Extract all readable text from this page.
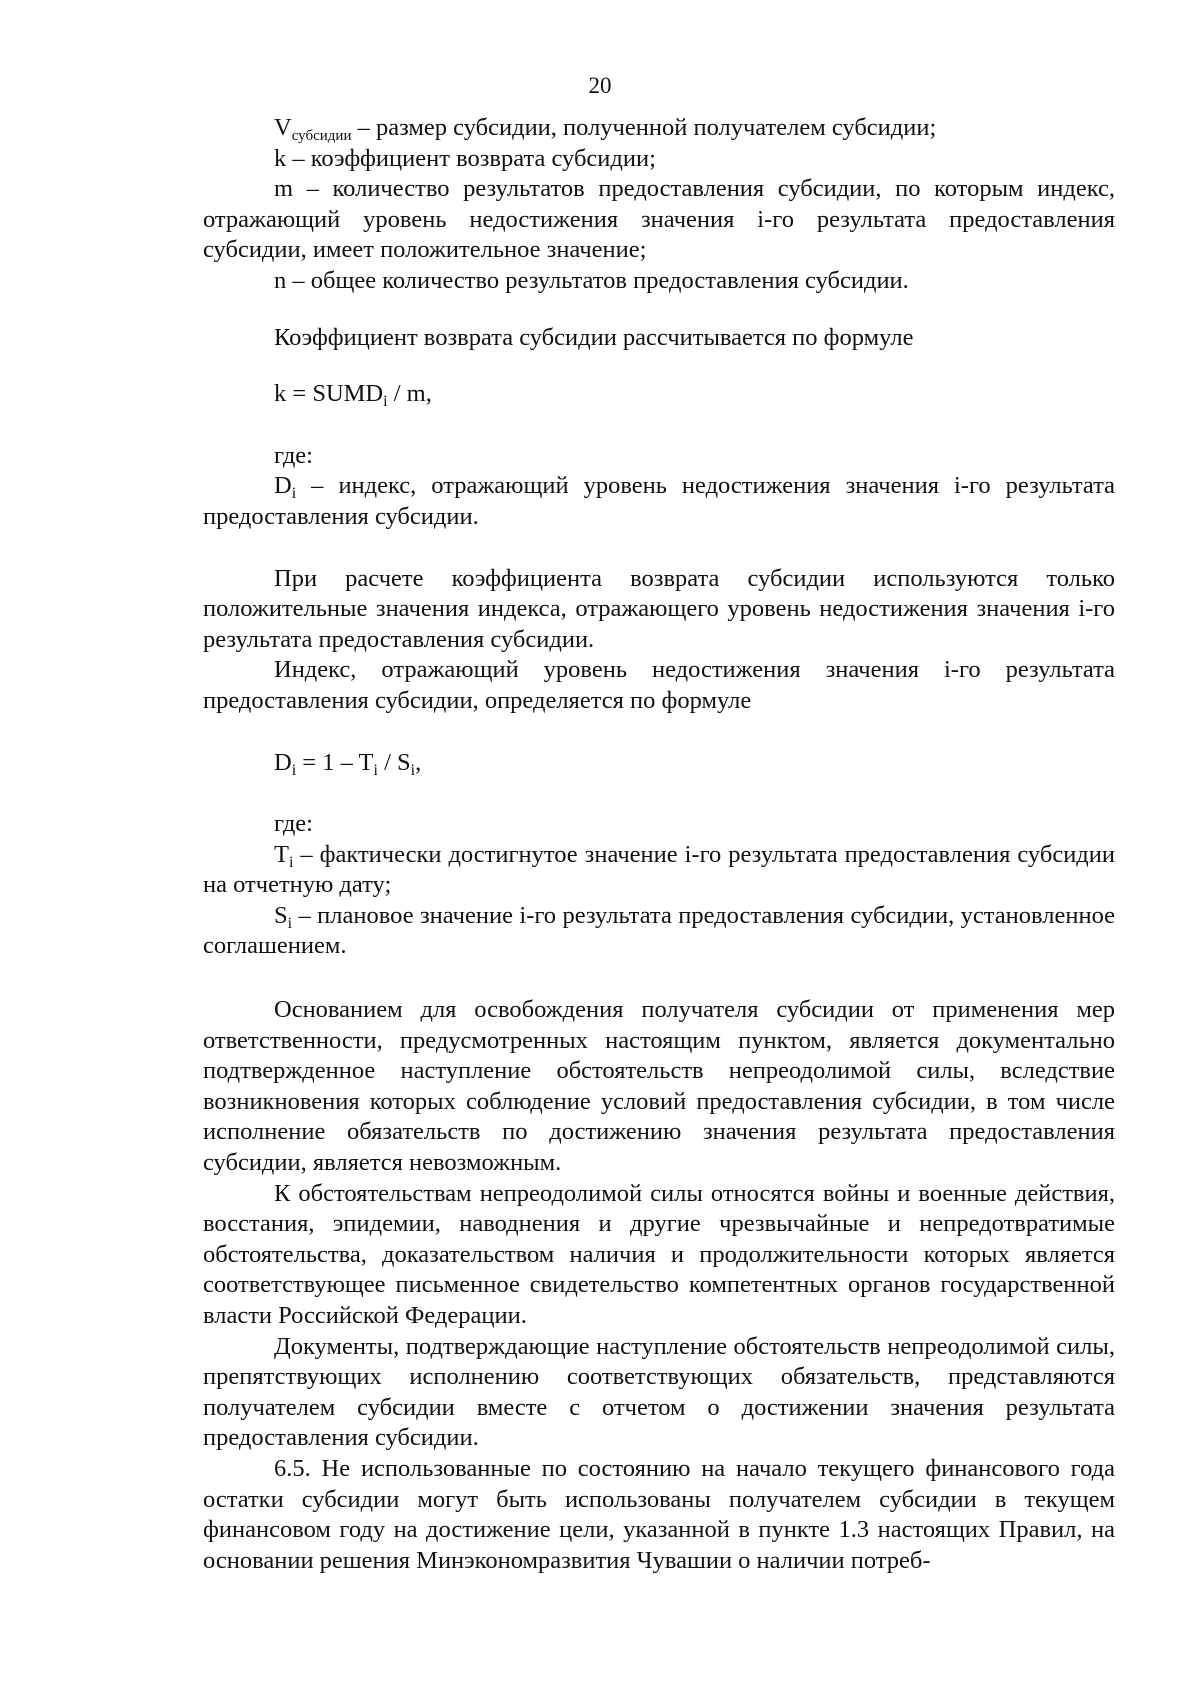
20

$V_{субсидии}$ – размер субсидии, полученной получателем субсидии;

k – коэффициент возврата субсидии;

m – количество результатов предоставления субсидии, по которым индекс, отражающий уровень недостижения значения i-го результата предоставления субсидии, имеет положительное значение;

n – общее количество результатов предоставления субсидии.

Коэффициент возврата субсидии рассчитывается по формуле

$k = SUMD_i / m$,

где:

$D_i$ – индекс, отражающий уровень недостижения значения i-го результата предоставления субсидии.

При расчете коэффициента возврата субсидии используются только положительные значения индекса, отражающего уровень недостижения значения i-го результата предоставления субсидии.

Индекс, отражающий уровень недостижения значения i-го результата предоставления субсидии, определяется по формуле

$D_i = 1 - T_i / S_i$,

где:

$T_i$ – фактически достигнутое значение i-го результата предоставления субсидии на отчетную дату;

$S_i$ – плановое значение i-го результата предоставления субсидии, установленное соглашением.

Основанием для освобождения получателя субсидии от применения мер ответственности, предусмотренных настоящим пунктом, является документально подтвержденное наступление обстоятельств непреодолимой силы, вследствие возникновения которых соблюдение условий предоставления субсидии, в том числе исполнение обязательств по достижению значения результата предоставления субсидии, является невозможным.

К обстоятельствам непреодолимой силы относятся войны и военные действия, восстания, эпидемии, наводнения и другие чрезвычайные и непредотвратимые обстоятельства, доказательством наличия и продолжительности которых является соответствующее письменное свидетельство компетентных органов государственной власти Российской Федерации.

Документы, подтверждающие наступление обстоятельств непреодолимой силы, препятствующих исполнению соответствующих обязательств, представляются получателем субсидии вместе с отчетом о достижении значения результата предоставления субсидии.

6.5. Не использованные по состоянию на начало текущего финансового года остатки субсидии могут быть использованы получателем субсидии в текущем финансовом году на достижение цели, указанной в пункте 1.3 настоящих Правил, на основании решения Минэкономразвития Чувашии о наличии потреб-
